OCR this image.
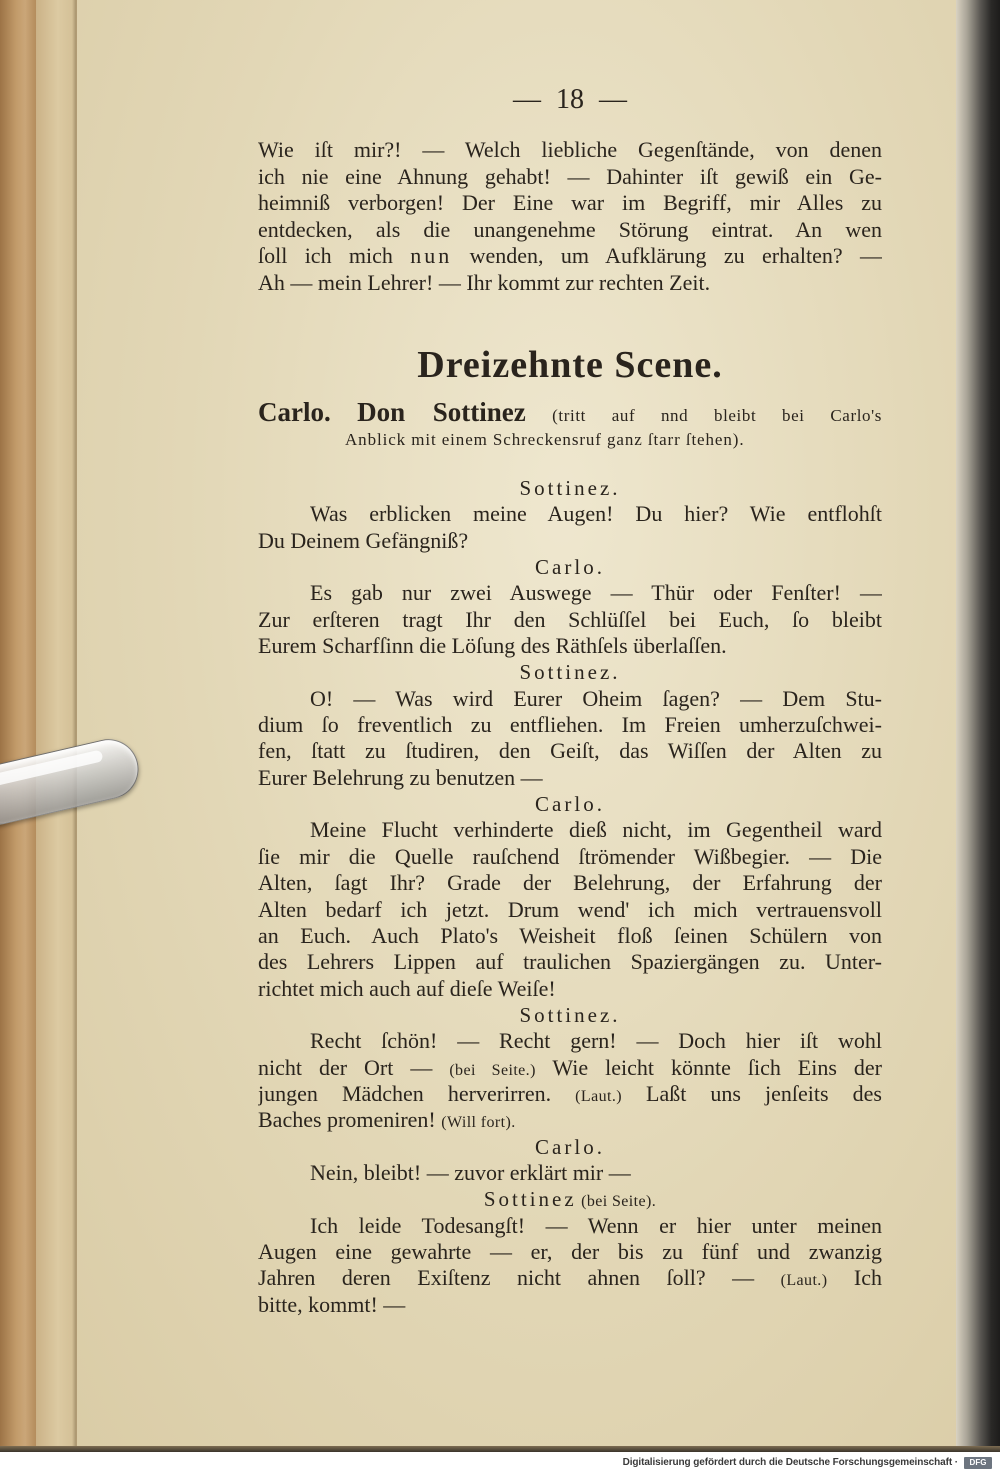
— 18 —
Wie iſt mir?! — Welch liebliche Gegenſtände, von denen
ich nie eine Ahnung gehabt! — Dahinter iſt gewiß ein Ge-
heimniß verborgen! Der Eine war im Begriff, mir Alles zu
entdecken, als die unangenehme Störung eintrat. An wen
ſoll ich mich nun wenden, um Aufklärung zu erhalten? —
Ah — mein Lehrer! — Ihr kommt zur rechten Zeit.
Dreizehnte Scene.
Carlo. Don Sottinez (tritt auf nnd bleibt bei Carlo's
Anblick mit einem Schreckensruf ganz ſtarr ſtehen).
Sottinez.
Was erblicken meine Augen! Du hier? Wie entflohſt
Du Deinem Gefängniß?
Carlo.
Es gab nur zwei Auswege — Thür oder Fenſter! —
Zur erſteren tragt Ihr den Schlüſſel bei Euch, ſo bleibt
Eurem Scharfſinn die Löſung des Räthſels überlaſſen.
Sottinez.
O! — Was wird Eurer Oheim ſagen? — Dem Stu-
dium ſo freventlich zu entfliehen. Im Freien umherzuſchwei-
fen, ſtatt zu ſtudiren, den Geiſt, das Wiſſen der Alten zu
Eurer Belehrung zu benutzen —
Carlo.
Meine Flucht verhinderte dieß nicht, im Gegentheil ward
ſie mir die Quelle rauſchend ſtrömender Wißbegier. — Die
Alten, ſagt Ihr? Grade der Belehrung, der Erfahrung der
Alten bedarf ich jetzt. Drum wend' ich mich vertrauensvoll
an Euch. Auch Plato's Weisheit floß ſeinen Schülern von
des Lehrers Lippen auf traulichen Spaziergängen zu. Unter-
richtet mich auch auf dieſe Weiſe!
Sottinez.
Recht ſchön! — Recht gern! — Doch hier iſt wohl
nicht der Ort — (bei Seite.) Wie leicht könnte ſich Eins der
jungen Mädchen herverirren. (Laut.) Laßt uns jenſeits des
Baches promeniren! (Will fort).
Carlo.
Nein, bleibt! — zuvor erklärt mir —
Sottinez (bei Seite).
Ich leide Todesangſt! — Wenn er hier unter meinen
Augen eine gewahrte — er, der bis zu fünf und zwanzig
Jahren deren Exiſtenz nicht ahnen ſoll? — (Laut.) Ich
bitte, kommt! —
Digitalisierung gefördert durch die Deutsche Forschungsgemeinschaft ·	DFG
